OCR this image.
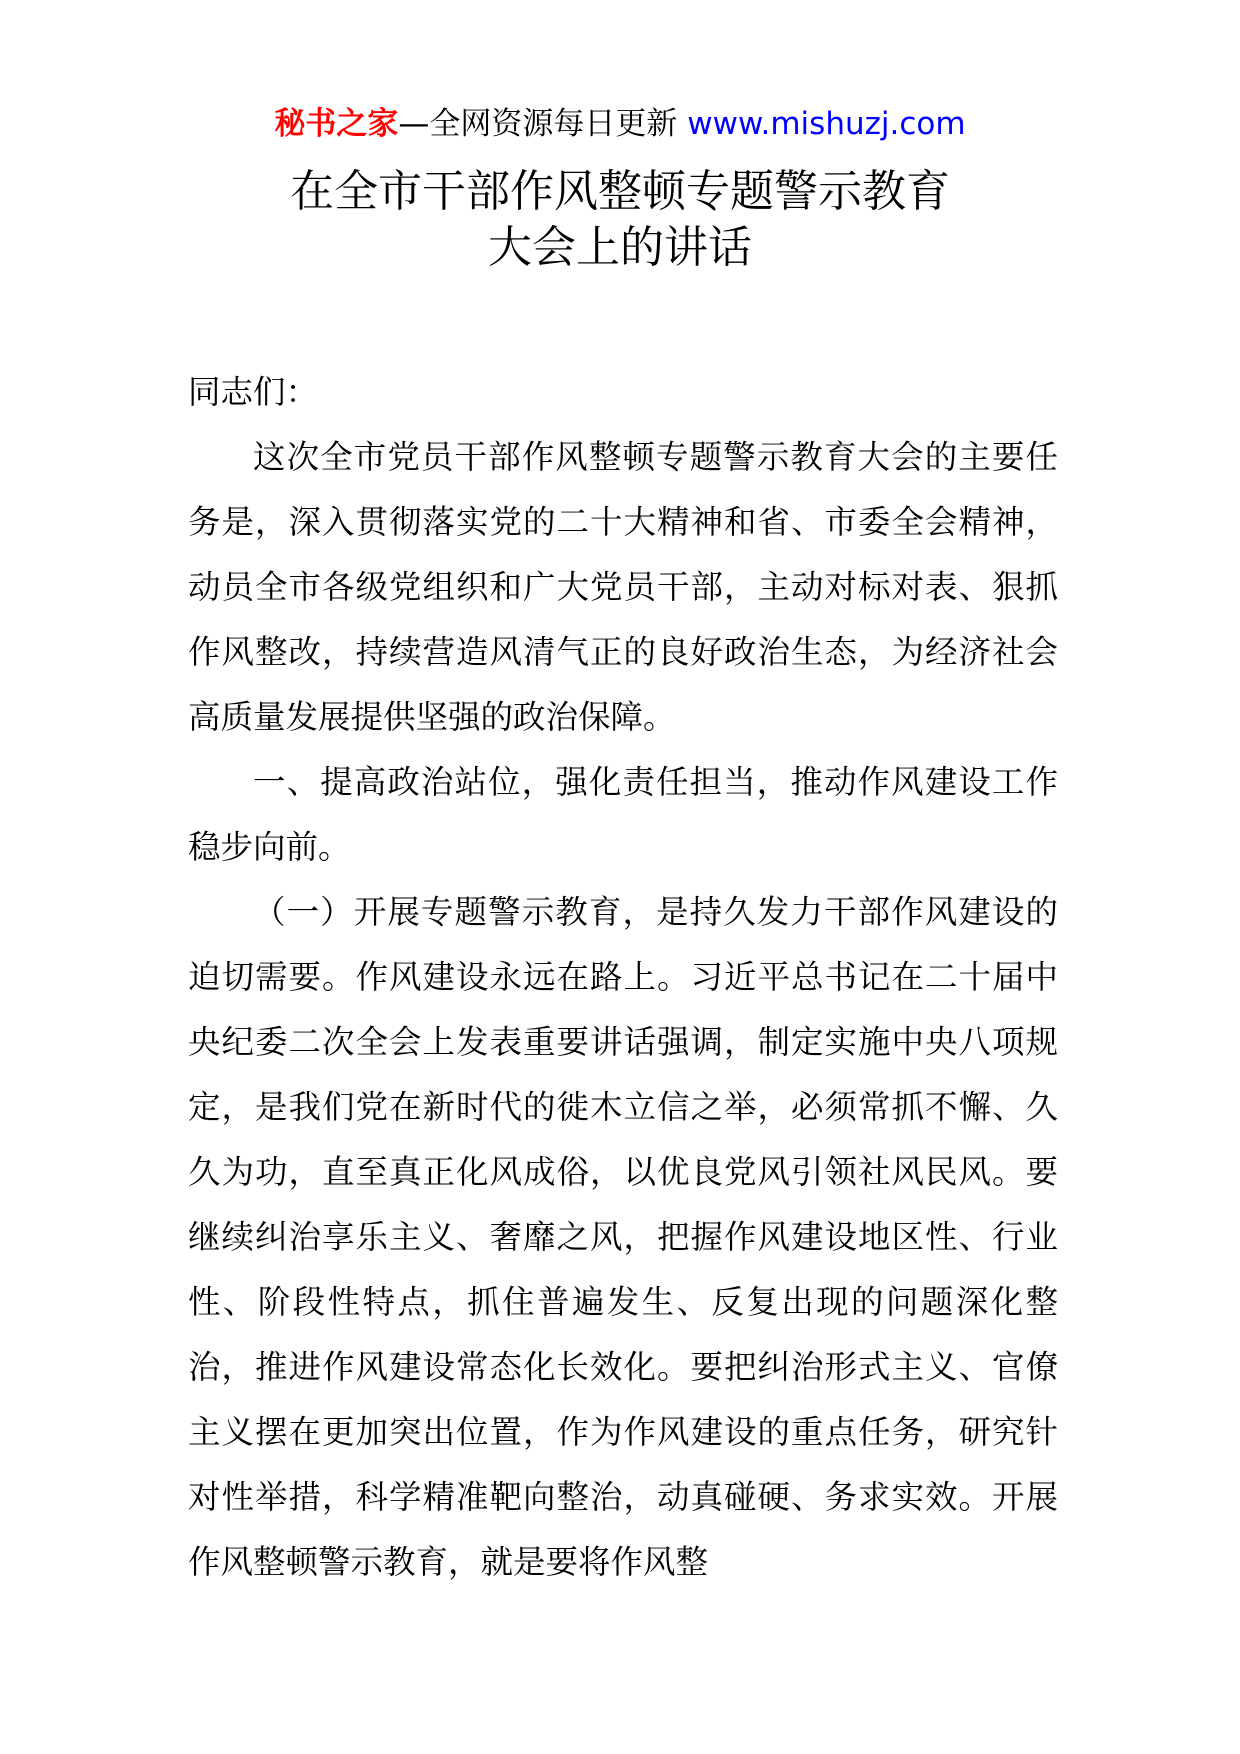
秘书之家—全网资源每日更新 www.mishuzj.com
在全市干部作风整顿专题警示教育
大会上的讲话

同志们：

这次全市党员干部作风整顿专题警示教育大会的主要任务是，深入贯彻落实党的二十大精神和省、市委全会精神，动员全市各级党组织和广大党员干部，主动对标对表、狠抓作风整改，持续营造风清气正的良好政治生态，为经济社会高质量发展提供坚强的政治保障。

一、提高政治站位，强化责任担当，推动作风建设工作稳步向前。

（一）开展专题警示教育，是持久发力干部作风建设的迫切需要。作风建设永远在路上。习近平总书记在二十届中央纪委二次全会上发表重要讲话强调，制定实施中央八项规定，是我们党在新时代的徙木立信之举，必须常抓不懈、久久为功，直至真正化风成俗，以优良党风引领社风民风。要继续纠治享乐主义、奢靡之风，把握作风建设地区性、行业性、阶段性特点，抓住普遍发生、反复出现的问题深化整治，推进作风建设常态化长效化。要把纠治形式主义、官僚主义摆在更加突出位置，作为作风建设的重点任务，研究针对性举措，科学精准靶向整治，动真碰硬、务求实效。开展作风整顿警示教育，就是要将作风整
